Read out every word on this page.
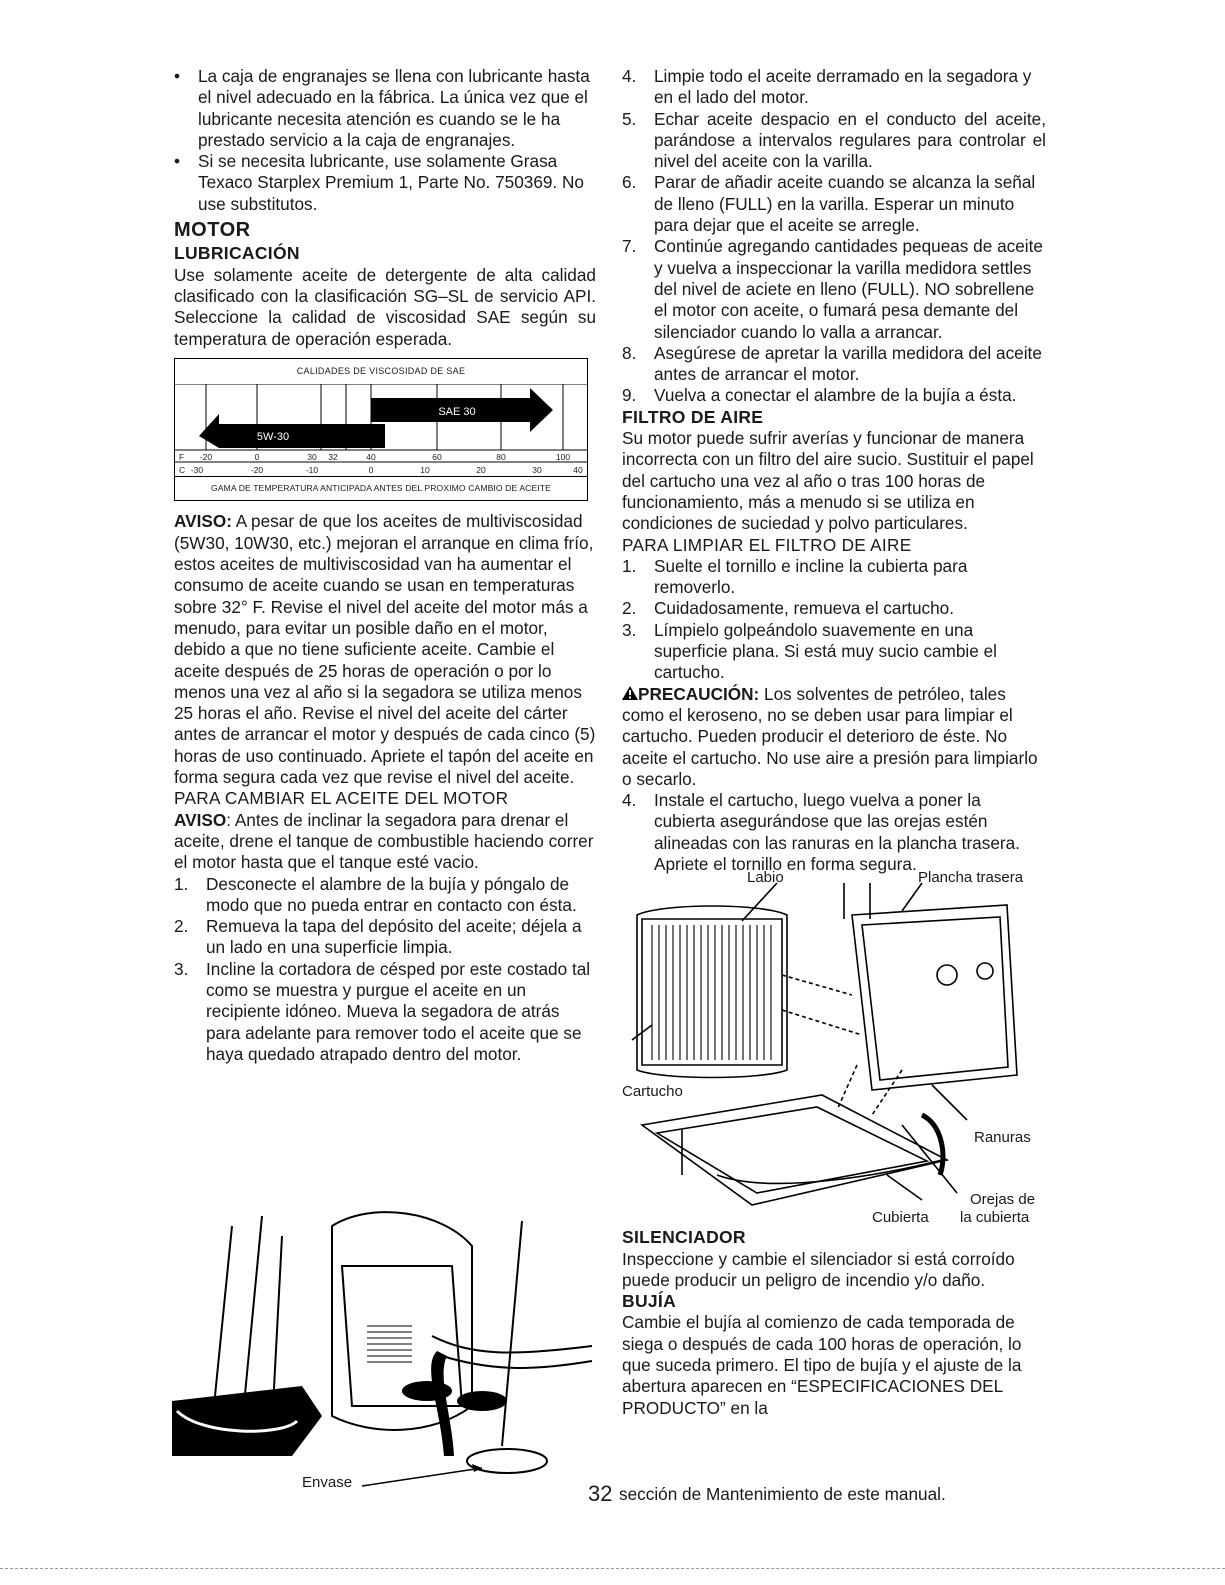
• La caja de engranajes se llena con lubricante hasta el nivel adecuado en la fábrica. La única vez que el lubricante necesita atención es cuando se le ha prestado servicio a la caja de engranajes.
• Si se necesita lubricante, use solamente Grasa Texaco Starplex Premium 1, Parte No. 750369. No use substitutos.
MOTOR
LUBRICACIÓN

Use solamente aceite de detergente de alta calidad clasificado con la clasificación SG–SL de servicio API. Seleccione la calidad de viscosidad SAE según su temperatura de operación esperada.

CALIDADES DE VISCOSIDAD DE SAE
SAE 30
5W-30
F -20	0	30 32	40	60	80	100
C -30	-20	-10	0	10	20	30	40
GAMA DE TEMPERATURA ANTICIPADA ANTES DEL PROXIMO CAMBIO DE ACEITE

AVISO: A pesar de que los aceites de multiviscosidad (5W30, 10W30, etc.) mejoran el arranque en clima frío, estos aceites de multiviscosidad van ha aumentar el consumo de aceite cuando se usan en temperaturas sobre 32° F. Revise el nivel del aceite del motor más a menudo, para evitar un posible daño en el motor, debido a que no tiene suficiente aceite. Cambie el aceite después de 25 horas de operación o por lo menos una vez al año si la segadora se utiliza menos 25 horas el año. Revise el nivel del aceite del cárter antes de arrancar el motor y después de cada cinco (5) horas de uso continuado. Apriete el tapón del aceite en forma segura cada vez que revise el nivel del aceite.

PARA CAMBIAR EL ACEITE DEL MOTOR

AVISO: Antes de inclinar la segadora para drenar el aceite, drene el tanque de combustible haciendo correr el motor hasta que el tanque esté vacio.

1. Desconecte el alambre de la bujía y póngalo de modo que no pueda entrar en contacto con ésta.
2. Remueva la tapa del depósito del aceite; déjela a un lado en una superficie limpia.
3. Incline la cortadora de césped por este costado tal como se muestra y purgue el aceite en un recipiente idóneo. Mueva la segadora de atrás para adelante para remover todo el aceite que se haya quedado atrapado dentro del motor.
Envase
4. Limpie todo el aceite derramado en la segadora y en el lado del motor.
5. Echar aceite despacio en el conducto del aceite, parándose a intervalos regulares para controlar el nivel del aceite con la varilla.
6. Parar de añadir aceite cuando se alcanza la señal de lleno (FULL) en la varilla. Esperar un minuto para dejar que el aceite se arregle.
7. Continúe agregando cantidades pequeas de aceite y vuelva a inspeccionar la varilla medidora settles del nivel de aciete en lleno (FULL). NO sobrellene el motor con aceite, o fumará pesa demante del silenciador cuando lo valla a arrancar.
8. Asegúrese de apretar la varilla medidora del aceite antes de arrancar el motor.
9. Vuelva a conectar el alambre de la bujía a ésta.
FILTRO DE AIRE

Su motor puede sufrir averías y funcionar de manera incorrecta con un filtro del aire sucio. Sustituir el papel del cartucho una vez al año o tras 100 horas de funcionamiento, más a menudo si se utiliza en condiciones de suciedad y polvo particulares.

PARA LIMPIAR EL FILTRO DE AIRE

1. Suelte el tornillo e incline la cubierta para removerlo.
2. Cuidadosamente, remueva el cartucho.
3. Límpielo golpeándolo suavemente en una superficie plana. Si está muy sucio cambie el cartucho.

PRECAUCIÓN: Los solventes de petróleo, tales como el keroseno, no se deben usar para limpiar el cartucho. Pueden producir el deterioro de éste. No aceite el cartucho. No use aire a presión para limpiarlo o secarlo.

4. Instale el cartucho, luego vuelva a poner la cubierta asegurándose que las orejas estén alineadas con las ranuras en la plancha trasera. Apriete el tornillo en forma segura.
Labio	Plancha trasera
Cartucho
Ranuras
Orejas de
la cubierta
Cubierta
SILENCIADOR

Inspeccione y cambie el silenciador si está corroído puede producir un peligro de incendio y/o daño.

BUJÍA

Cambie el bujía al comienzo de cada temporada de siega o después de cada 100 horas de operación, lo que suceda primero. El tipo de bujía y el ajuste de la abertura aparecen en “ESPECIFICACIONES DEL PRODUCTO” en la

32 sección de Mantenimiento de este manual.
